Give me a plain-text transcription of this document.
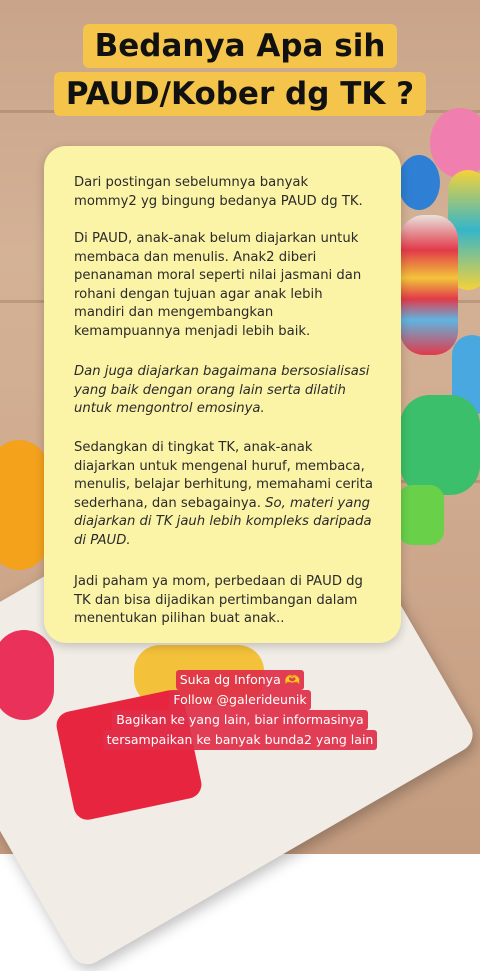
Bedanya Apa sih
PAUD/Kober dg TK ?

Dari postingan sebelumnya banyak mommy2 yg bingung bedanya PAUD dg TK.

Di PAUD, anak-anak belum diajarkan untuk membaca dan menulis. Anak2 diberi penanaman moral seperti nilai jasmani dan rohani dengan tujuan agar anak lebih mandiri dan mengembangkan kemampuannya menjadi lebih baik.

Dan juga diajarkan bagaimana bersosialisasi yang baik dengan orang lain serta dilatih untuk mengontrol emosinya.

Sedangkan di tingkat TK, anak-anak diajarkan untuk mengenal huruf, membaca, menulis, belajar berhitung, memahami cerita sederhana, dan sebagainya. So, materi yang diajarkan di TK jauh lebih kompleks daripada di PAUD.

Jadi paham ya mom, perbedaan di PAUD dg TK dan bisa dijadikan pertimbangan dalam menentukan pilihan buat anak..

Suka dg Infonya 🫶
Follow @galerideunik
Bagikan ke yang lain, biar informasinya
tersampaikan ke banyak bunda2 yang lain
